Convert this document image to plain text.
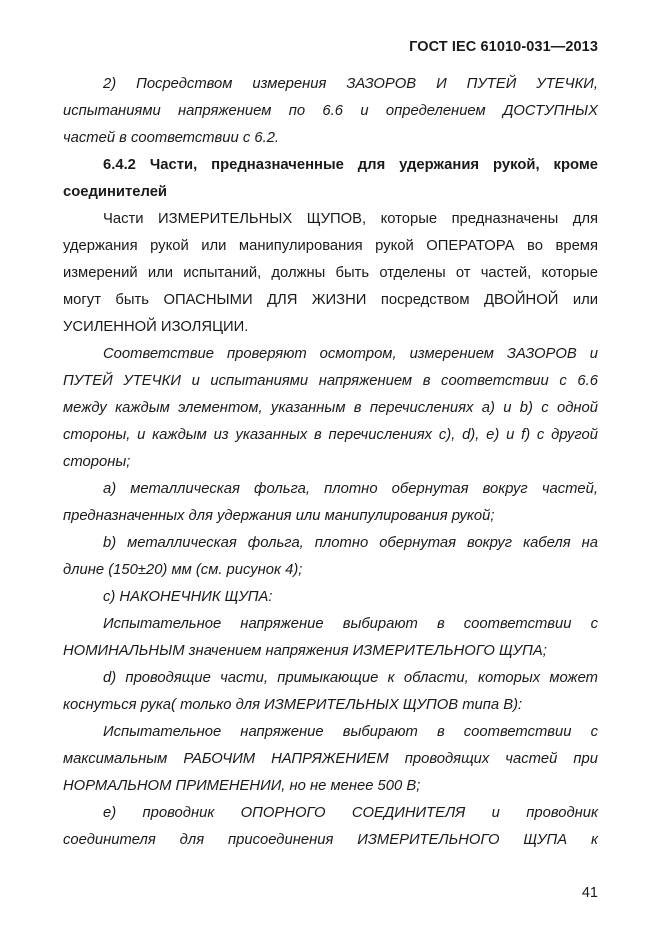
ГОСТ IEC 61010-031—2013
2) Посредством измерения ЗАЗОРОВ И ПУТЕЙ УТЕЧКИ,
испытаниями напряжением по 6.6 и определением ДОСТУПНЫХ
частей в соответствии с 6.2.
6.4.2 Части, предназначенные для удержания рукой, кроме
соединителей
Части ИЗМЕРИТЕЛЬНЫХ ЩУПОВ, которые предназначены для
удержания рукой или манипулирования рукой ОПЕРАТОРА во время
измерений или испытаний, должны быть отделены от частей, которые
могут быть ОПАСНЫМИ ДЛЯ ЖИЗНИ посредством ДВОЙНОЙ или
УСИЛЕННОЙ ИЗОЛЯЦИИ.
Соответствие проверяют осмотром, измерением ЗАЗОРОВ и
ПУТЕЙ УТЕЧКИ и испытаниями напряжением в соответствии с 6.6
между каждым элементом, указанным в перечислениях a) и b) с одной
стороны, и каждым из указанных в перечислениях c), d), e) и f) с другой
стороны;
a) металлическая фольга, плотно обернутая вокруг частей,
предназначенных для удержания или манипулирования рукой;
b) металлическая фольга, плотно обернутая вокруг кабеля на
длине (150±20) мм (см. рисунок 4);
c) НАКОНЕЧНИК ЩУПА:
Испытательное напряжение выбирают в соответствии с
НОМИНАЛЬНЫМ значением напряжения ИЗМЕРИТЕЛЬНОГО ЩУПА;
d) проводящие части, примыкающие к области, которых может
коснуться рука( только для ИЗМЕРИТЕЛЬНЫХ ЩУПОВ типа B):
Испытательное напряжение выбирают в соответствии с
максимальным РАБОЧИМ НАПРЯЖЕНИЕМ проводящих частей при
НОРМАЛЬНОМ ПРИМЕНЕНИИ, но не менее 500 В;
e) проводник ОПОРНОГО СОЕДИНИТЕЛЯ и проводник
соединителя для присоединения ИЗМЕРИТЕЛЬНОГО ЩУПА к
41
